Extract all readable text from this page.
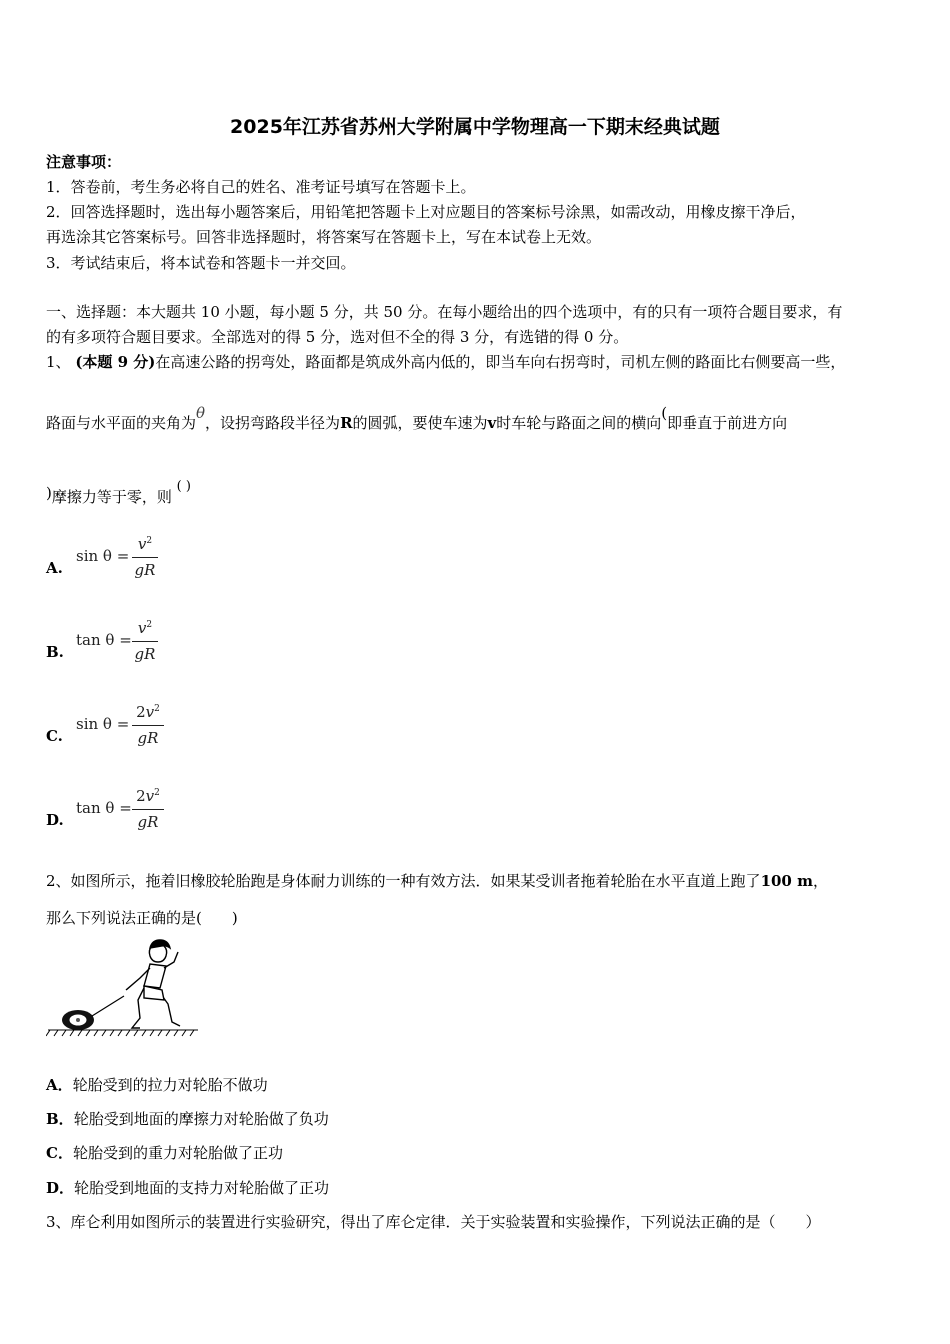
2025年江苏省苏州大学附属中学物理高一下期末经典试题
注意事项：
1．答卷前，考生务必将自己的姓名、准考证号填写在答题卡上。
2．回答选择题时，选出每小题答案后，用铅笔把答题卡上对应题目的答案标号涂黑，如需改动，用橡皮擦干净后，
再选涂其它答案标号。回答非选择题时，将答案写在答题卡上，写在本试卷上无效。
3．考试结束后，将本试卷和答题卡一并交回。
一、选择题：本大题共 10 小题，每小题 5 分，共 50 分。在每小题给出的四个选项中，有的只有一项符合题目要求，有
的有多项符合题目要求。全部选对的得 5 分，选对但不全的得 3 分，有选错的得 0 分。
1、 (本题 9 分)在高速公路的拐弯处，路面都是筑成外高内低的，即当车向右拐弯时，司机左侧的路面比右侧要高一些，
路面与水平面的夹角为θ，设拐弯路段半径为R的圆弧，要使车速为v时车轮与路面之间的横向(即垂直于前进方向
)摩擦力等于零，则 ( )
A.
sin θ =
$v^2$
gR
B.
tan θ =
$v^2$
gR
C.
sin θ =
$2v^2$
gR
D.
tan θ =
$2v^2$
gR
2、如图所示，拖着旧橡胶轮胎跑是身体耐力训练的一种有效方法．如果某受训者拖着轮胎在水平直道上跑了100 m，
那么下列说法正确的是(　　)
A．轮胎受到的拉力对轮胎不做功
B．轮胎受到地面的摩擦力对轮胎做了负功
C．轮胎受到的重力对轮胎做了正功
D．轮胎受到地面的支持力对轮胎做了正功
3、库仑利用如图所示的装置进行实验研究，得出了库仑定律．关于实验装置和实验操作，下列说法正确的是（　　）
